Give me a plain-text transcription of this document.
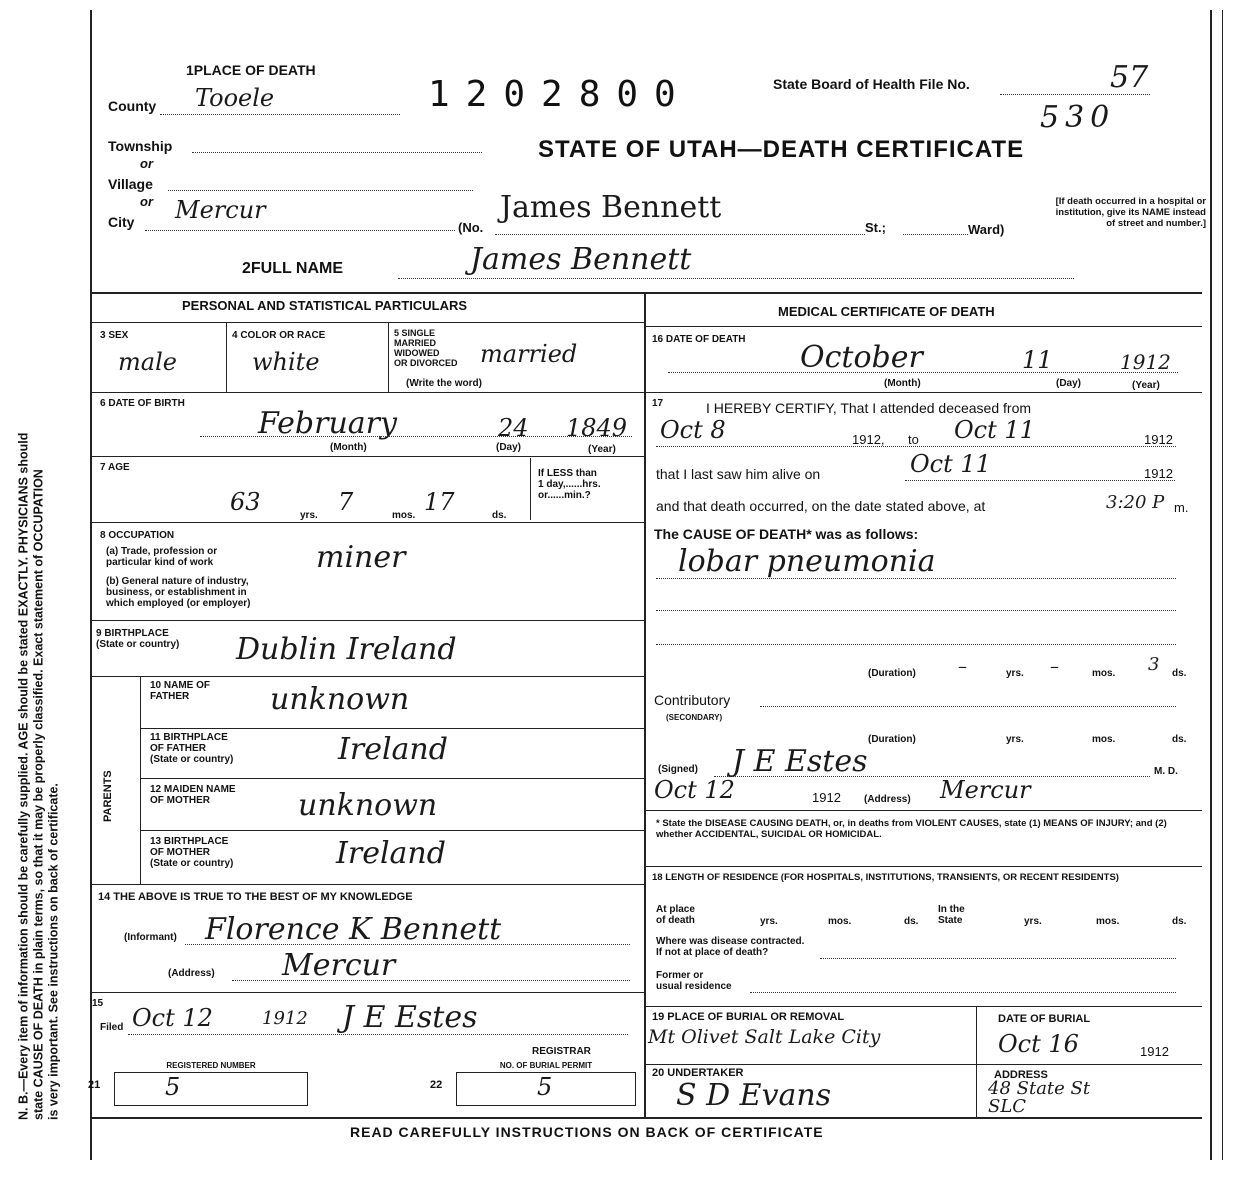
N. B.—Every item of information should be carefully supplied. AGE should be stated EXACTLY. PHYSICIANS should state CAUSE OF DEATH in plain terms, so that it may be properly classified. Exact statement of OCCUPATION is very important. See instructions on back of certificate.
1PLACE OF DEATH
1202800	State Board of Health File No.	57
530
STATE OF UTAH—DEATH CERTIFICATE
[If death occurred in a hospital or institution, give its NAME instead of street and number.]
County Tooele
Township
or
Village
or
City Mercur
(No.
James Bennett
St.;	Ward)
2FULL NAME	James Bennett
PERSONAL AND STATISTICAL PARTICULARS
3 SEX
male
4 COLOR OR RACE
white
5 SINGLE
MARRIED
WIDOWED
OR DIVORCED
(Write the word)
married
6 DATE OF BIRTH
February	24 1849
(Month)	(Day)	(Year)
7 AGE
63	yrs. 7	mos. 17	ds.
If LESS than
1 day,......hrs.
or......min.?
8 OCCUPATION
(a) Trade, profession or
particular kind of work
(b) General nature of industry,
business, or establishment in
which employed (or employer)
miner
9 BIRTHPLACE
(State or country) Dublin Ireland
PARENTS
10 NAME OF
FATHER	unknown
11 BIRTHPLACE
OF FATHER
(State or country)	Ireland
12 MAIDEN NAME
OF MOTHER	unknown
13 BIRTHPLACE
OF MOTHER
(State or country)	Ireland
14 THE ABOVE IS TRUE TO THE BEST OF MY KNOWLEDGE
(Informant) Florence K Bennett
(Address) Mercur
15
Filed Oct 12	1912 J E Estes
REGISTRAR
21
REGISTERED NUMBER
5	22
NO. OF BURIAL PERMIT
5
MEDICAL CERTIFICATE OF DEATH
16 DATE OF DEATH
October	11	1912
(Month)	(Day)	(Year)
17	I HEREBY CERTIFY, That I attended deceased from
Oct 8	1912, to Oct 11	1912
that I last saw him alive on	Oct 11	1912
and that death occurred, on the date stated above, at	3:20 P m.
The CAUSE OF DEATH* was as follows:
lobar pneumonia
(Duration) –	yrs. –	mos. 3 ds.
Contributory
(SECONDARY)
(Duration)	yrs.	mos.	ds.
(Signed) J E Estes	M. D.
Oct 12	1912 (Address) Mercur
* State the DISEASE CAUSING DEATH, or, in deaths from VIOLENT CAUSES, state (1) MEANS OF INJURY; and (2) whether ACCIDENTAL, SUICIDAL OR HOMICIDAL.
18 LENGTH OF RESIDENCE (FOR HOSPITALS, INSTITUTIONS, TRANSIENTS, OR RECENT RESIDENTS)
At place
of death	yrs.	mos.	ds.
In the
State	yrs.	mos.	ds.
Where was disease contracted.
If not at place of death?
Former or
usual residence
19 PLACE OF BURIAL OR REMOVAL
Mt Olivet Salt Lake City
DATE OF BURIAL
Oct 16	1912
20 UNDERTAKER
S D Evans
ADDRESS
48 State St
SLC
READ CAREFULLY INSTRUCTIONS ON BACK OF CERTIFICATE
